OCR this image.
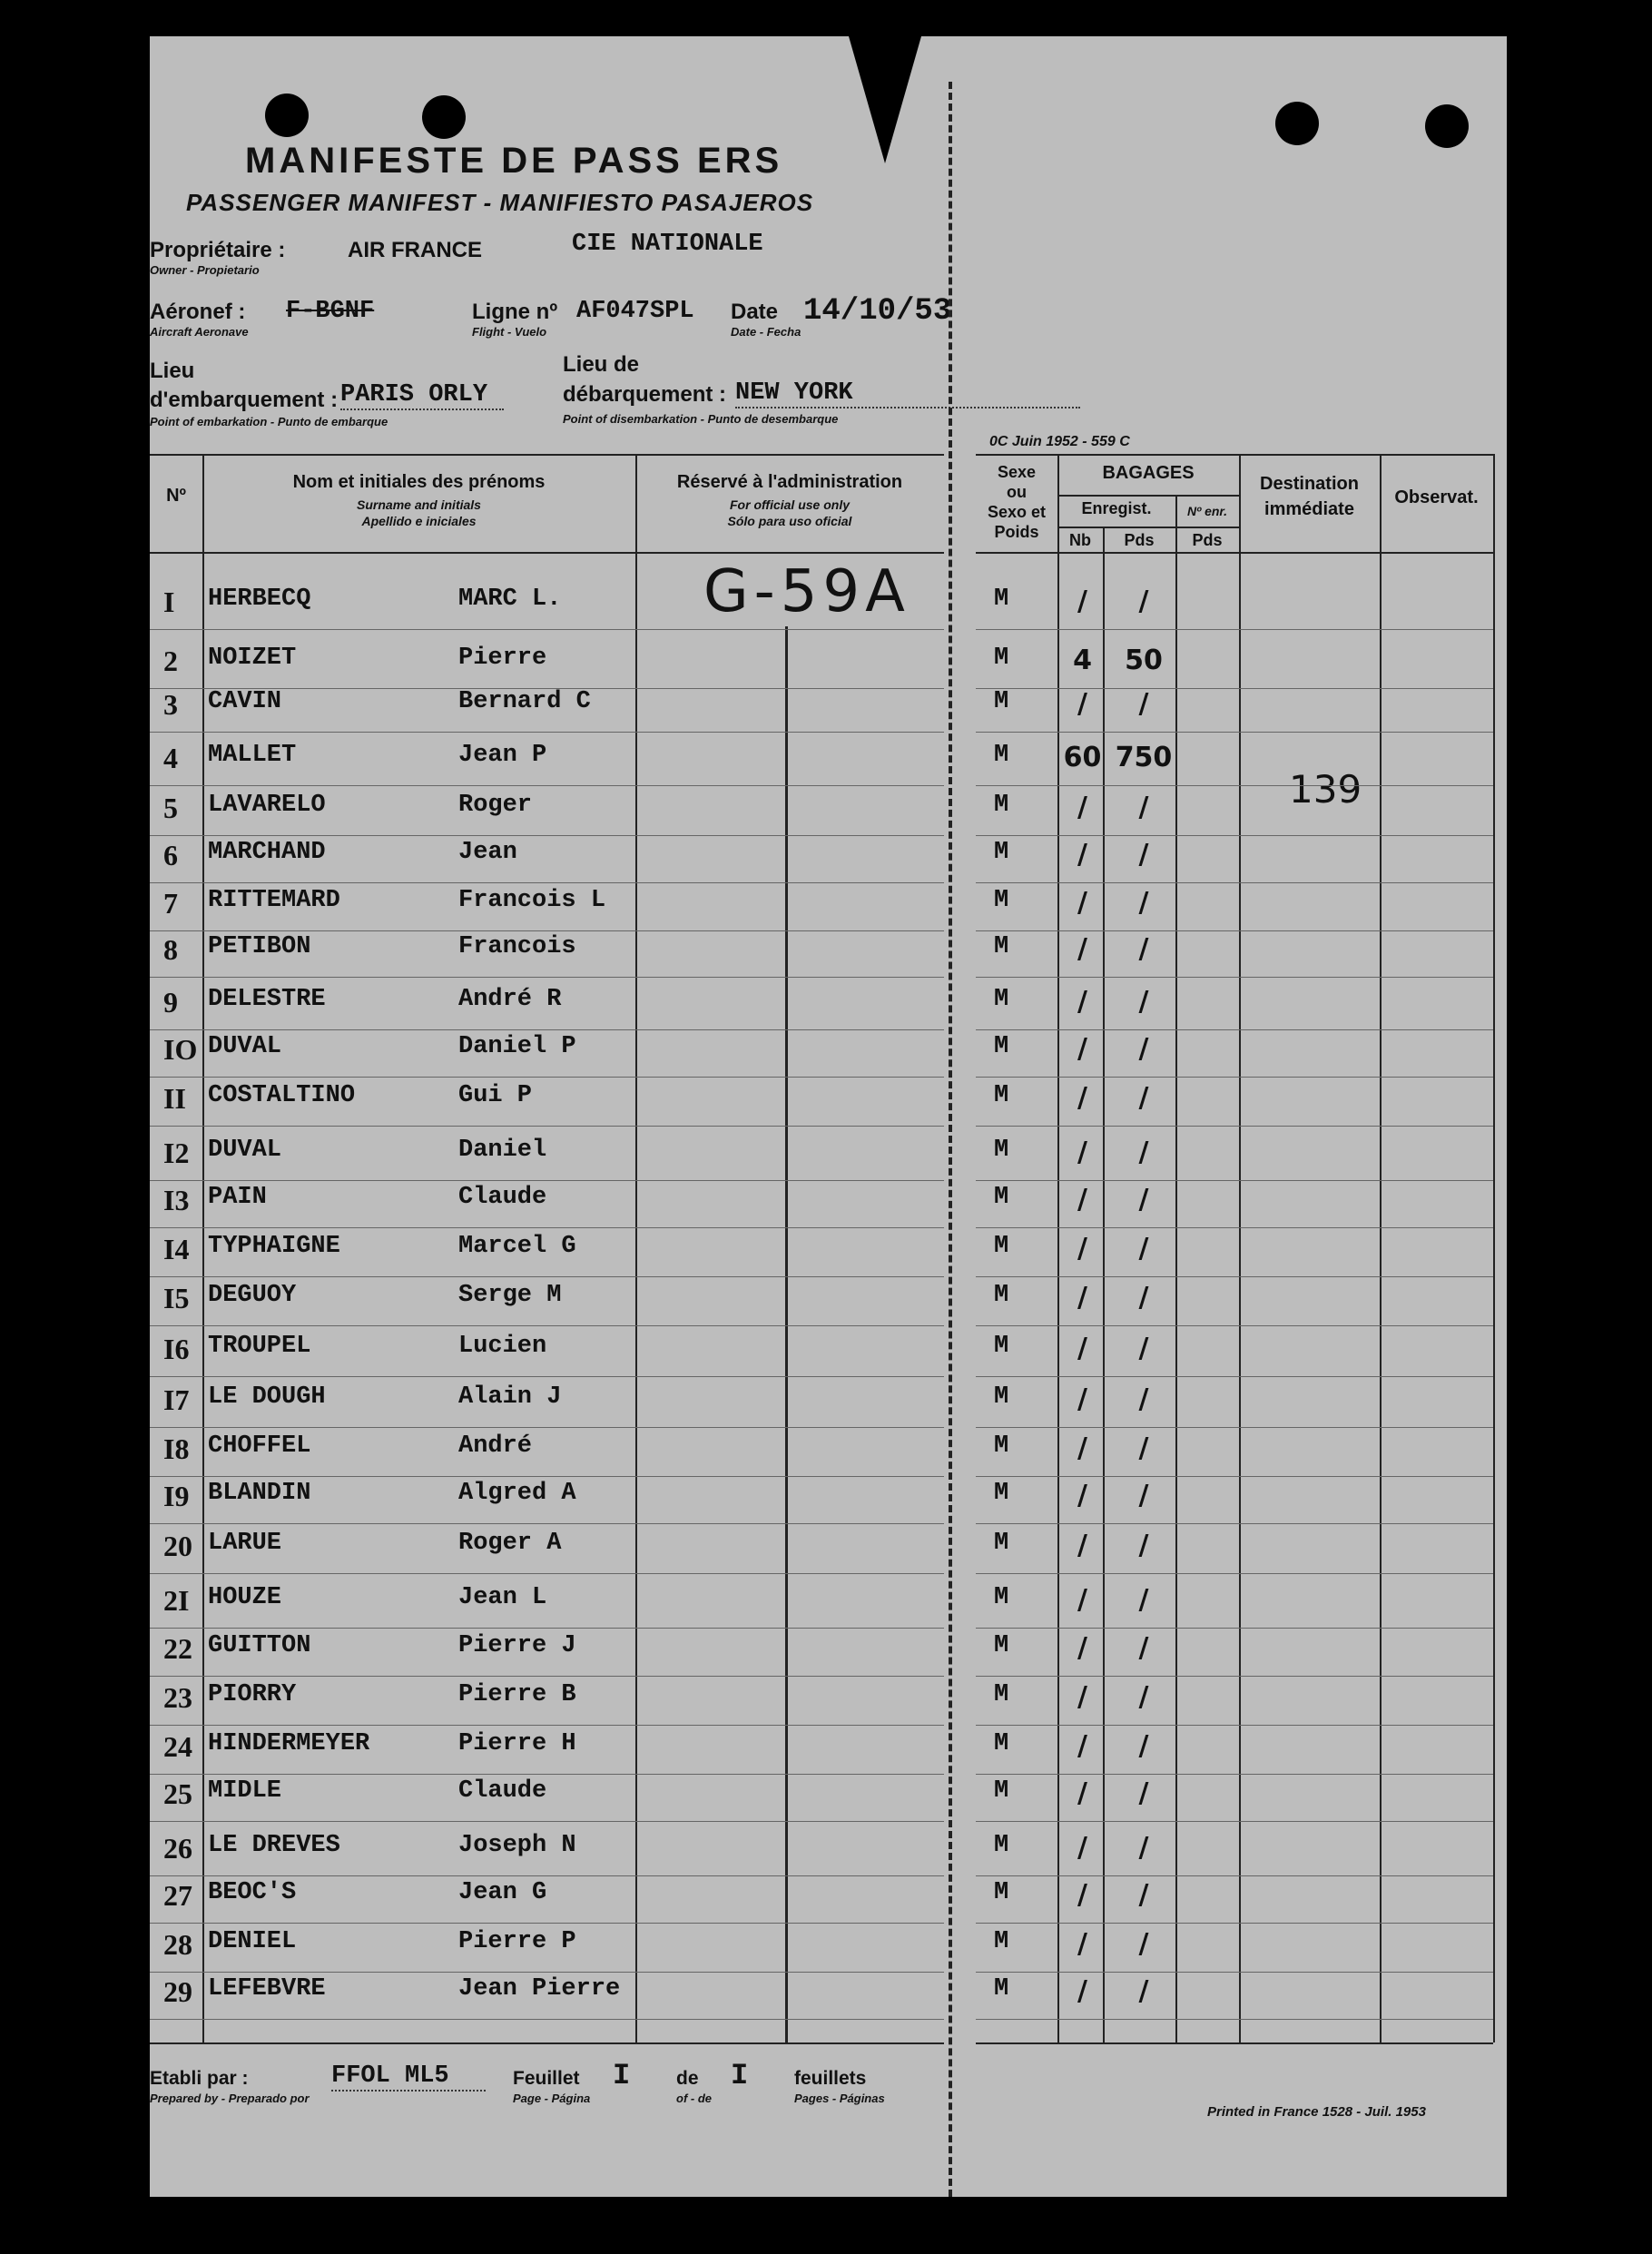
MANIFESTE DE PASS ERS
PASSENGER MANIFEST - MANIFIESTO PASAJEROS
Propriétaire :	AIR FRANCE	CIE NATIONALE
Owner - Propietario
Aéronef : F-BGNF
Aircraft Aeronave
Ligne nº AF047SPL
Flight - Vuelo
Date 14/10/53
Date - Fecha
Lieu
d'embarquement : PARIS ORLY
Point of embarkation - Punto de embarque
Lieu de
débarquement : NEW YORK
Point of disembarkation - Punto de desembarque
0C Juin 1952 - 559 C
Nº
Nom et initiales des prénoms
Surname and initials
Apellido e iniciales
Réservé à l'administration
For official use only
Sólo para uso oficial
Sexe
ou
Sexo et
Poids
BAGAGES
Enregist.
Nb	Pds
Nº enr.
Pds
Destination
immédiate
Observat.
G-59A
139
I HERBECQ	MARC L.	M	/	/
2 NOIZET	Pierre	M	4	50
3 CAVIN	Bernard C	M	/	/
4 MALLET	Jean P	M 60 750
5 LAVARELO	Roger	M	/	/
6 MARCHAND	Jean	M	/	/
7 RITTEMARD	Francois L	M	/	/
8 PETIBON	Francois	M	/	/
9 DELESTRE	André R	M	/	/
IO DUVAL	Daniel P	M	/	/
II COSTALTINO	Gui P	M	/	/
I2 DUVAL	Daniel	M	/	/
I3 PAIN	Claude	M	/	/
I4 TYPHAIGNE	Marcel G	M	/	/
I5 DEGUOY	Serge M	M	/	/
I6 TROUPEL	Lucien	M	/	/
I7 LE DOUGH	Alain J	M	/	/
I8 CHOFFEL	André	M	/	/
I9 BLANDIN	Algred A	M	/	/
20 LARUE	Roger A	M	/	/
2I HOUZE	Jean L	M	/	/
22 GUITTON	Pierre J	M	/	/
23 PIORRY	Pierre B	M	/	/
24 HINDERMEYER	Pierre H	M	/	/
25 MIDLE	Claude	M	/	/
26 LE DREVES	Joseph N	M	/	/
27 BEOC'S	Jean G	M	/	/
28 DENIEL	Pierre P	M	/	/
29 LEFEBVRE	Jean Pierre	M	/	/
Etabli par :	FFOL ML5
Prepared by - Preparado por
Feuillet I
Page - Página
de I
of - de
feuillets
Pages - Páginas
Printed in France 1528 - Juil. 1953
